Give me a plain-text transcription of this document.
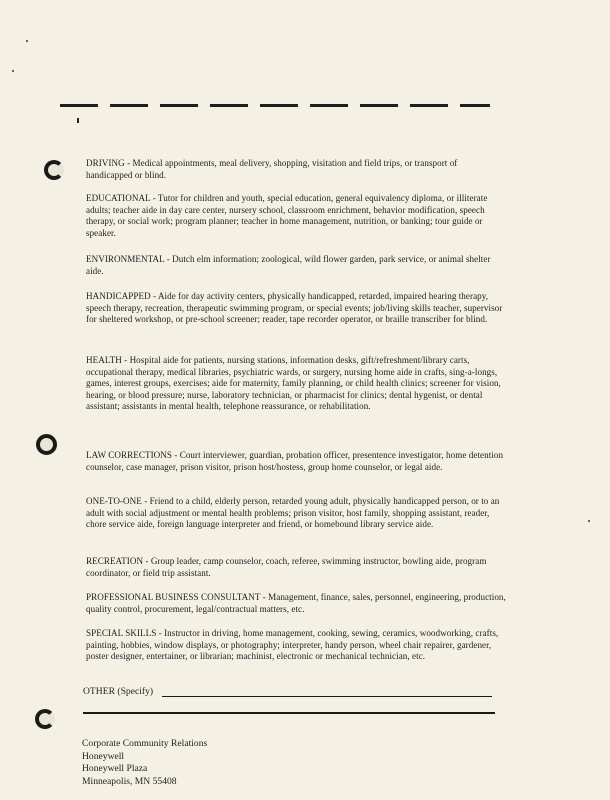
DRIVING - Medical appointments, meal delivery, shopping, visitation and field trips, or transport of handicapped or blind.
EDUCATIONAL - Tutor for children and youth, special education, general equivalency diploma, or illiterate adults; teacher aide in day care center, nursery school, classroom enrichment, behavior modification, speech therapy, or social work; program planner; teacher in home management, nutrition, or banking; tour guide or speaker.
ENVIRONMENTAL - Dutch elm information; zoological, wild flower garden, park service, or animal shelter aide.
HANDICAPPED - Aide for day activity centers, physically handicapped, retarded, impaired hearing therapy, speech therapy, recreation, therapeutic swimming program, or special events; job/living skills teacher, supervisor for sheltered workshop, or pre-school screener; reader, tape recorder operator, or braille transcriber for blind.
HEALTH - Hospital aide for patients, nursing stations, information desks, gift/refreshment/library carts, occupational therapy, medical libraries, psychiatric wards, or surgery, nursing home aide in crafts, sing-a-longs, games, interest groups, exercises; aide for maternity, family planning, or child health clinics; screener for vision, hearing, or blood pressure; nurse, laboratory technician, or pharmacist for clinics; dental hygenist, or dental assistant; assistants in mental health, telephone reassurance, or rehabilitation.
LAW CORRECTIONS - Court interviewer, guardian, probation officer, presentence investigator, home detention counselor, case manager, prison visitor, prison host/hostess, group home counselor, or legal aide.
ONE-TO-ONE - Friend to a child, elderly person, retarded young adult, physically handicapped person, or to an adult with social adjustment or mental health problems; prison visitor, host family, shopping assistant, reader, chore service aide, foreign language interpreter and friend, or homebound library service aide.
RECREATION - Group leader, camp counselor, coach, referee, swimming instructor, bowling aide, program coordinator, or field trip assistant.
PROFESSIONAL BUSINESS CONSULTANT - Management, finance, sales, personnel, engineering, production, quality control, procurement, legal/contractual matters, etc.
SPECIAL SKILLS - Instructor in driving, home management, cooking, sewing, ceramics, woodworking, crafts, painting, hobbies, window displays, or photography; interpreter, handy person, wheel chair repairer, gardener, poster designer, entertainer, or librarian; machinist, electronic or mechanical technician, etc.
OTHER (Specify)
Corporate Community Relations
Honeywell
Honeywell Plaza
Minneapolis, MN 55408
